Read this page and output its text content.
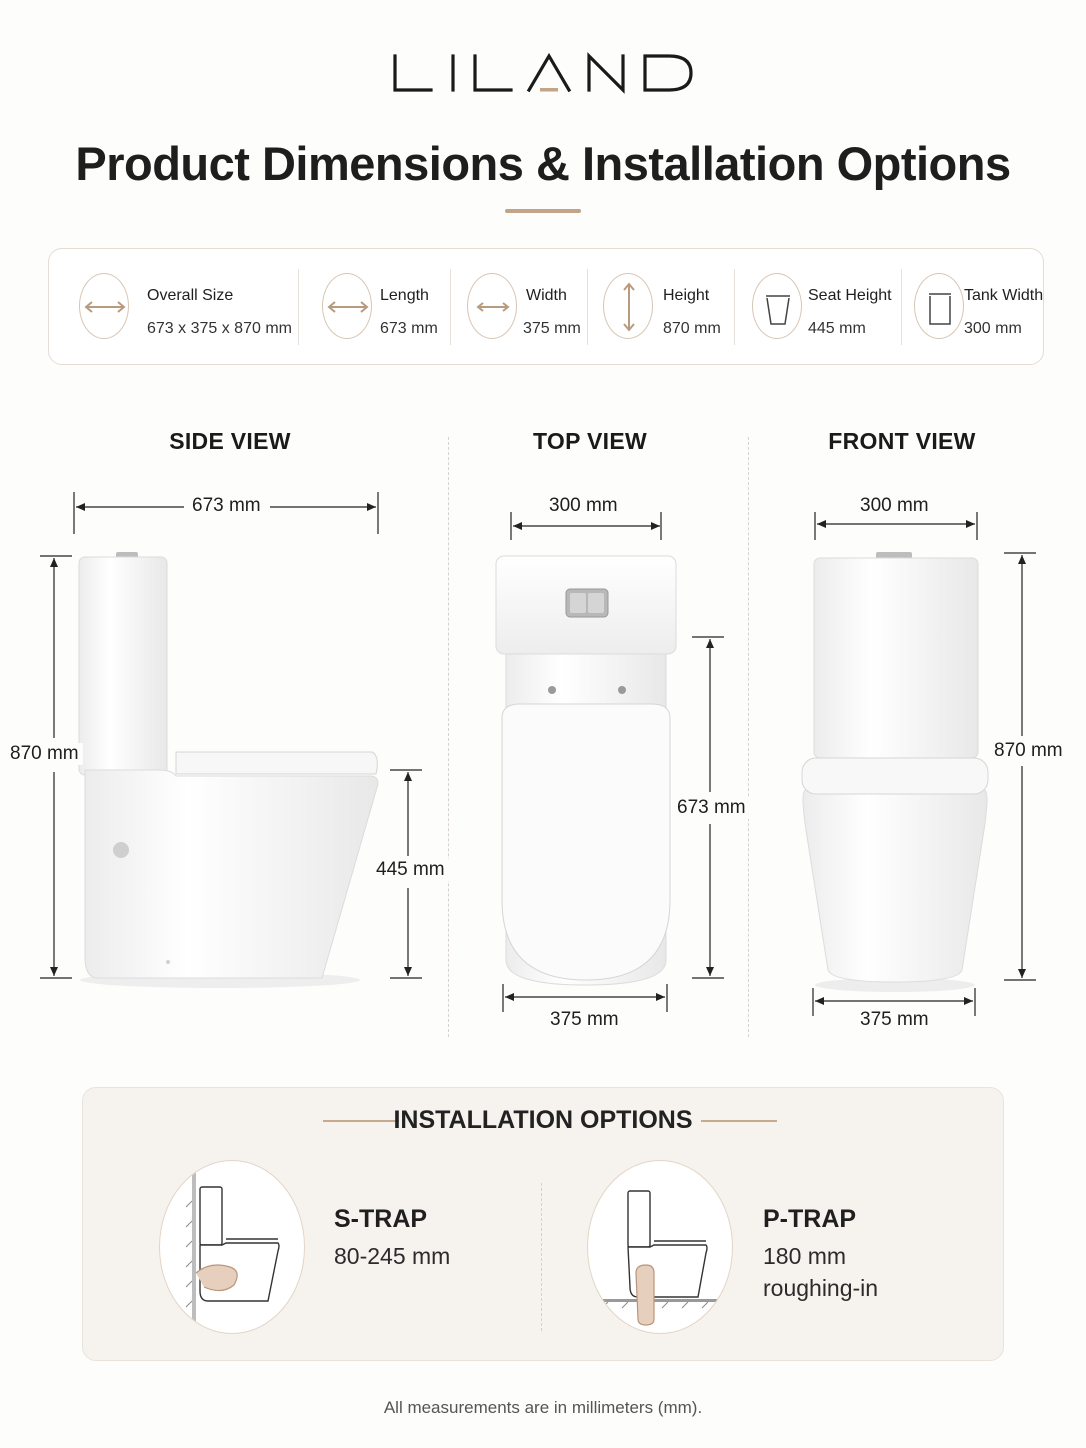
Product Dimensions & Installation Options
Overall Size
673 x 375 x 870 mm
Length
673 mm
Width
375 mm
Height
870 mm
Seat Height
445 mm
Tank Width
300 mm
SIDE VIEW	TOP VIEW	FRONT VIEW
673 mm
870 mm
445 mm
300 mm
673 mm
375 mm
300 mm
870 mm
375 mm
INSTALLATION OPTIONS
S-TRAP
80-245 mm
P-TRAP
180 mm
roughing-in
All measurements are in millimeters (mm).
